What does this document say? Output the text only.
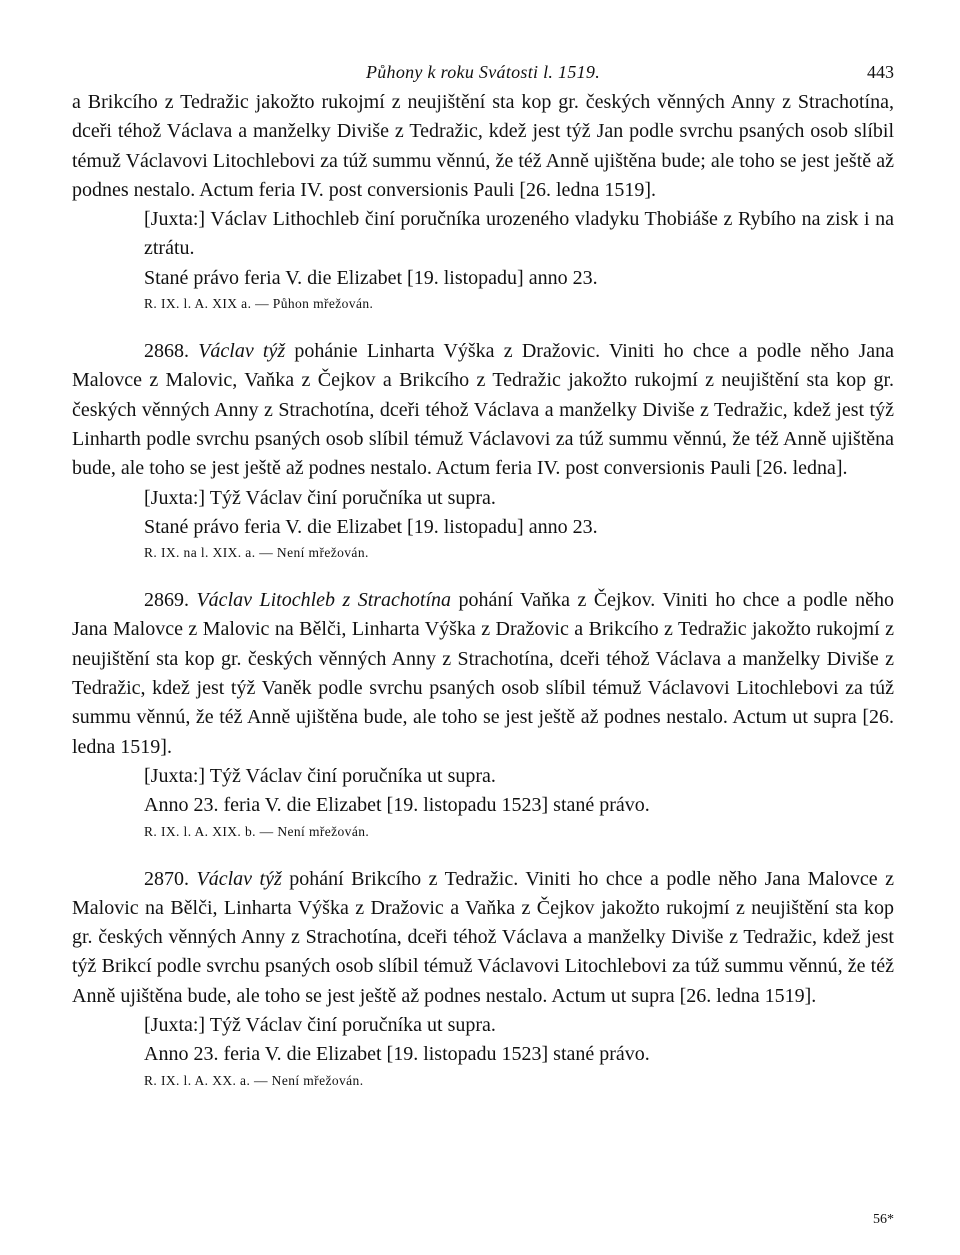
Půhony k roku Svátosti l. 1519.	443

a Brikcího z Tedražic jakožto rukojmí z neujištění sta kop gr. českých věnných Anny z Strachotína, dceři téhož Václava a manželky Diviše z Tedražic, kdež jest týž Jan podle svrchu psaných osob slíbil témuž Václavovi Litochlebovi za túž summu věnnú, že též Anně ujištěna bude; ale toho se jest ještě až podnes nestalo. Actum feria IV. post conversionis Pauli [26. ledna 1519].

[Juxta:] Václav Lithochleb činí poručníka urozeného vladyku Thobiáše z Rybího na zisk i na ztrátu.

Stané právo feria V. die Elizabet [19. listopadu] anno 23.

R. IX. l. A. XIX a. — Půhon mřežován.

2868. Václav týž pohánie Linharta Výška z Dražovic. Viniti ho chce a podle něho Jana Malovce z Malovic, Vaňka z Čejkov a Brikcího z Tedražic jakožto rukojmí z neujištění sta kop gr. českých věnných Anny z Strachotína, dceři téhož Václava a manželky Diviše z Tedražic, kdež jest týž Linharth podle svrchu psaných osob slíbil témuž Václavovi za túž summu věnnú, že též Anně ujištěna bude, ale toho se jest ještě až podnes nestalo. Actum feria IV. post conversionis Pauli [26. ledna].

[Juxta:] Týž Václav činí poručníka ut supra.

Stané právo feria V. die Elizabet [19. listopadu] anno 23.

R. IX. na l. XIX. a. — Není mřežován.

2869. Václav Litochleb z Strachotína pohání Vaňka z Čejkov. Viniti ho chce a podle něho Jana Malovce z Malovic na Bělči, Linharta Výška z Dražovic a Brikcího z Tedražic jakožto rukojmí z neujištění sta kop gr. českých věnných Anny z Strachotína, dceři téhož Václava a manželky Diviše z Tedražic, kdež jest týž Vaněk podle svrchu psaných osob slíbil témuž Václavovi Litochlebovi za túž summu věnnú, že též Anně ujištěna bude, ale toho se jest ještě až podnes nestalo. Actum ut supra [26. ledna 1519].

[Juxta:] Týž Václav činí poručníka ut supra.

Anno 23. feria V. die Elizabet [19. listopadu 1523] stané právo.

R. IX. l. A. XIX. b. — Není mřežován.

2870. Václav týž pohání Brikcího z Tedražic. Viniti ho chce a podle něho Jana Malovce z Malovic na Bělči, Linharta Výška z Dražovic a Vaňka z Čejkov jakožto rukojmí z neujištění sta kop gr. českých věnných Anny z Strachotína, dceři téhož Václava a manželky Diviše z Tedražic, kdež jest týž Brikcí podle svrchu psaných osob slíbil témuž Václavovi Litochlebovi za túž summu věnnú, že též Anně ujištěna bude, ale toho se jest ještě až podnes nestalo. Actum ut supra [26. ledna 1519].

[Juxta:] Týž Václav činí poručníka ut supra.

Anno 23. feria V. die Elizabet [19. listopadu 1523] stané právo.

R. IX. l. A. XX. a. — Není mřežován.

56*
